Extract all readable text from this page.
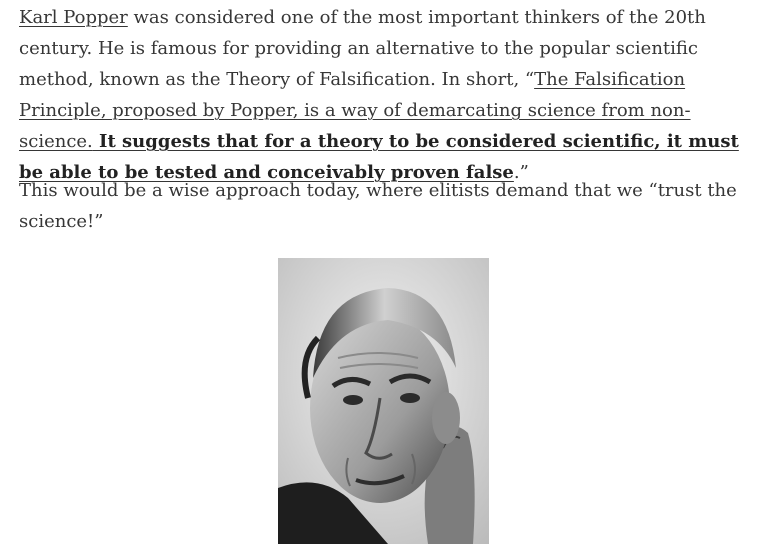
Karl Popper was considered one of the most important thinkers of the 20th century. He is famous for providing an alternative to the popular scientific method, known as the Theory of Falsification. In short, “The Falsification Principle, proposed by Popper, is a way of demarcating science from non-science. It suggests that for a theory to be considered scientific, it must be able to be tested and conceivably proven false.”

This would be a wise approach today, where elitists demand that we “trust the science!”
